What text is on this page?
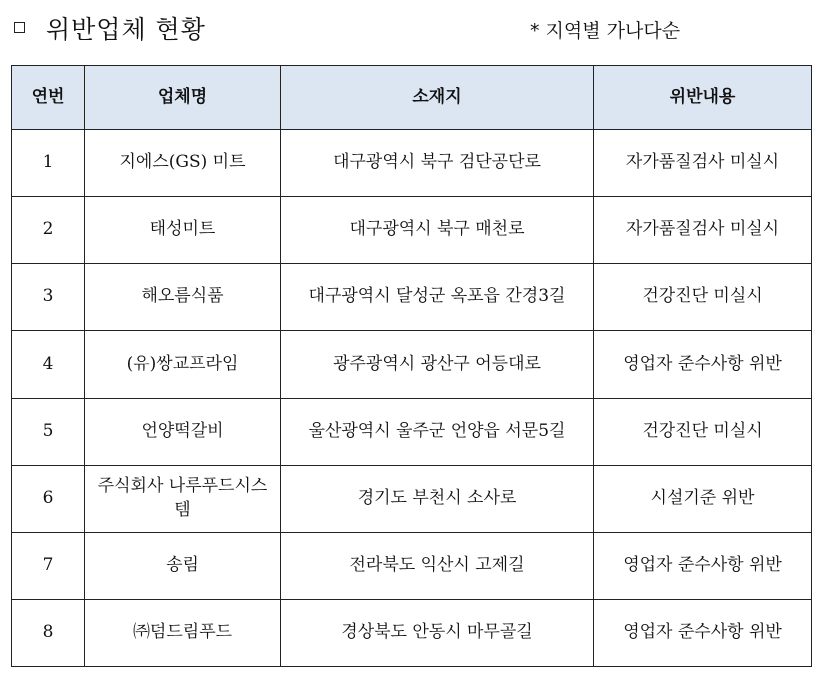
위반업체 현황	* 지역별 가나다순
연번	업체명	소재지	위반내용
1	지에스(GS) 미트	대구광역시 북구 검단공단로	자가품질검사 미실시
2	태성미트	대구광역시 북구 매천로	자가품질검사 미실시
3	해오름식품	대구광역시 달성군 옥포읍 간경3길	건강진단 미실시
4	(유)쌍교프라임	광주광역시 광산구 어등대로	영업자 준수사항 위반
5	언양떡갈비	울산광역시 울주군 언양읍 서문5길	건강진단 미실시
6	주식회사 나루푸드시스템	경기도 부천시 소사로	시설기준 위반
7	송림	전라북도 익산시 고제길	영업자 준수사항 위반
8	㈜덤드림푸드	경상북도 안동시 마무골길	영업자 준수사항 위반
